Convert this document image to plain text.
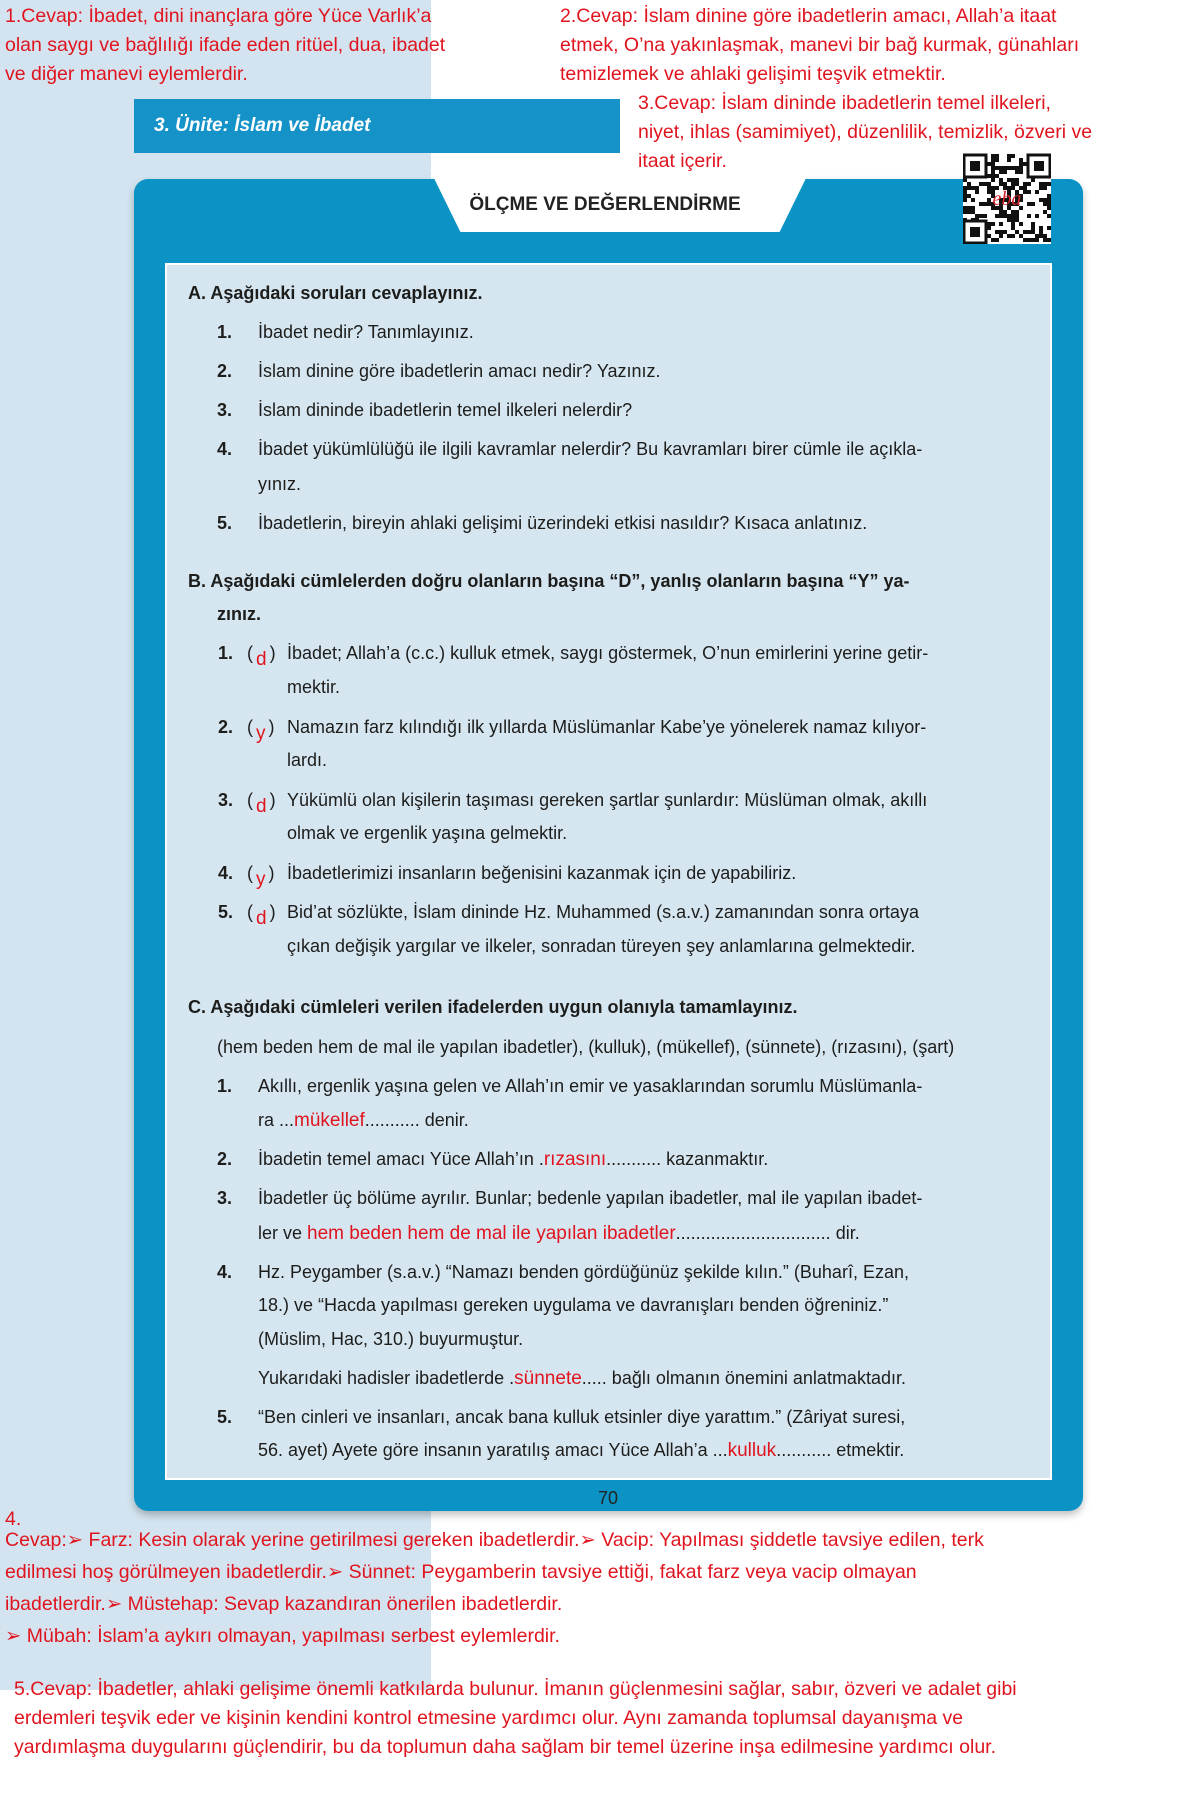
1.Cevap: İbadet, dini inançlara göre Yüce Varlık’a
olan saygı ve bağlılığı ifade eden ritüel, dua, ibadet
ve diğer manevi eylemlerdir.
2.Cevap: İslam dinine göre ibadetlerin amacı, Allah’a itaat
etmek, O’na yakınlaşmak, manevi bir bağ kurmak, günahları
temizlemek ve ahlaki gelişimi teşvik etmektir.
3. Ünite: İslam ve İbadet
ÖLÇME VE DEĞERLENDİRME
3.Cevap: İslam dininde ibadetlerin temel ilkeleri,
niyet, ihlas (samimiyet), düzenlilik, temizlik, özveri ve
itaat içerir.
eba
A. Aşağıdaki soruları cevaplayınız.
1. İbadet nedir? Tanımlayınız.
2. İslam dinine göre ibadetlerin amacı nedir? Yazınız.
3. İslam dininde ibadetlerin temel ilkeleri nelerdir?
4. İbadet yükümlülüğü ile ilgili kavramlar nelerdir? Bu kavramları birer cümle ile açıkla-
yınız.
5. İbadetlerin, bireyin ahlaki gelişimi üzerindeki etkisi nasıldır? Kısaca anlatınız.
B. Aşağıdaki cümlelerden doğru olanların başına “D”, yanlış olanların başına “Y” ya-
zınız.
1. ( d ) İbadet; Allah’a (c.c.) kulluk etmek, saygı göstermek, O’nun emirlerini yerine getir-
mektir.
2. ( y ) Namazın farz kılındığı ilk yıllarda Müslümanlar Kabe’ye yönelerek namaz kılıyor-
lardı.
3. ( d ) Yükümlü olan kişilerin taşıması gereken şartlar şunlardır: Müslüman olmak, akıllı
olmak ve ergenlik yaşına gelmektir.
4. ( y ) İbadetlerimizi insanların beğenisini kazanmak için de yapabiliriz.
5. ( d ) Bid’at sözlükte, İslam dininde Hz. Muhammed (s.a.v.) zamanından sonra ortaya
çıkan değişik yargılar ve ilkeler, sonradan türeyen şey anlamlarına gelmektedir.
C. Aşağıdaki cümleleri verilen ifadelerden uygun olanıyla tamamlayınız.
(hem beden hem de mal ile yapılan ibadetler), (kulluk), (mükellef), (sünnete), (rızasını), (şart)
1. Akıllı, ergenlik yaşına gelen ve Allah’ın emir ve yasaklarından sorumlu Müslümanla-
ra ...mükellef........... denir.
2. İbadetin temel amacı Yüce Allah’ın .rızasını........... kazanmaktır.
3. İbadetler üç bölüme ayrılır. Bunlar; bedenle yapılan ibadetler, mal ile yapılan ibadet-
ler ve hem beden hem de mal ile yapılan ibadetler............................... dir.
4. Hz. Peygamber (s.a.v.) “Namazı benden gördüğünüz şekilde kılın.” (Buharî, Ezan,
18.) ve “Hacda yapılması gereken uygulama ve davranışları benden öğreniniz.”
(Müslim, Hac, 310.) buyurmuştur.
Yukarıdaki hadisler ibadetlerde .sünnete..... bağlı olmanın önemini anlatmaktadır.
5. “Ben cinleri ve insanları, ancak bana kulluk etsinler diye yarattım.” (Zâriyat suresi,
56. ayet) Ayete göre insanın yaratılış amacı Yüce Allah’a ...kulluk........... etmektir.
70
4.
Cevap:➢ Farz: Kesin olarak yerine getirilmesi gereken ibadetlerdir.➢ Vacip: Yapılması şiddetle tavsiye edilen, terk
edilmesi hoş görülmeyen ibadetlerdir.➢ Sünnet: Peygamberin tavsiye ettiği, fakat farz veya vacip olmayan
ibadetlerdir.➢ Müstehap: Sevap kazandıran önerilen ibadetlerdir.
➢ Mübah: İslam’a aykırı olmayan, yapılması serbest eylemlerdir.
5.Cevap: İbadetler, ahlaki gelişime önemli katkılarda bulunur. İmanın güçlenmesini sağlar, sabır, özveri ve adalet gibi
erdemleri teşvik eder ve kişinin kendini kontrol etmesine yardımcı olur. Aynı zamanda toplumsal dayanışma ve
yardımlaşma duygularını güçlendirir, bu da toplumun daha sağlam bir temel üzerine inşa edilmesine yardımcı olur.
